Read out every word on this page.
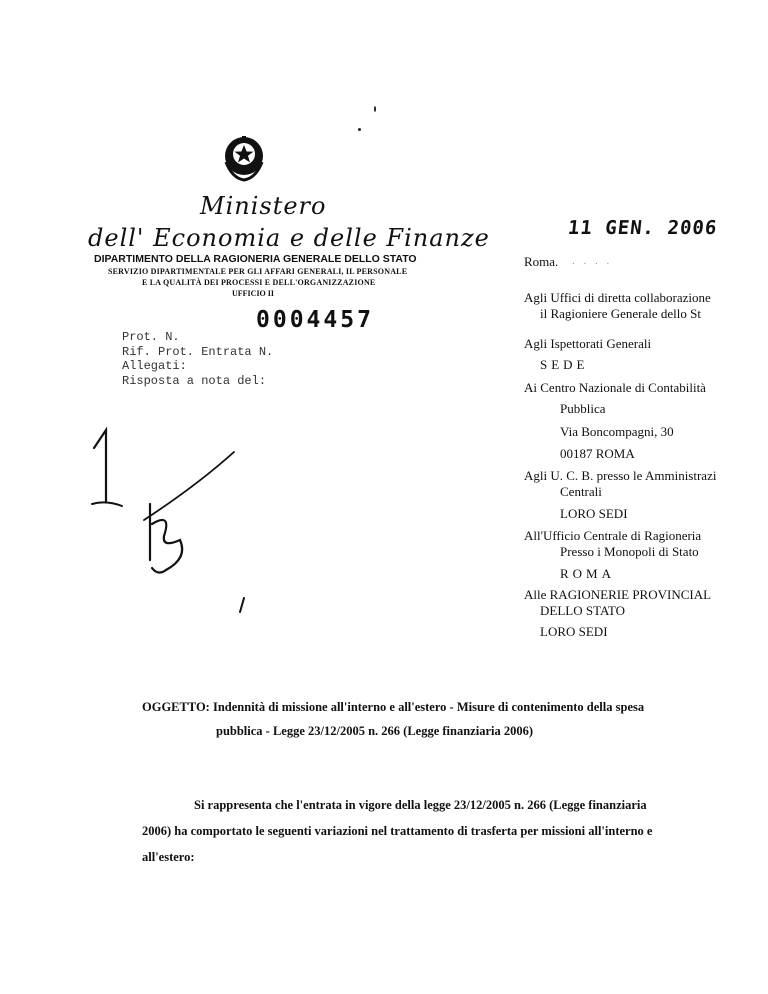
Ministero
dell' Economia e delle Finanze
DIPARTIMENTO DELLA RAGIONERIA GENERALE DELLO STATO
SERVIZIO DIPARTIMENTALE PER GLI AFFARI GENERALI, IL PERSONALE
E LA QUALITÀ DEI PROCESSI E DELL'ORGANIZZAZIONE
UFFICIO II
0004457
Prot. N.
Rif. Prot. Entrata N.
Allegati:
Risposta a nota del:
11 GEN. 2006
Roma. . . . .
Agli Uffici di diretta collaborazione
il Ragioniere Generale dello St
Agli Ispettorati Generali
SEDE
Ai Centro Nazionale di Contabilità
Pubblica
Via Boncompagni, 30
00187 ROMA
Agli U. C. B. presso le Amministrazi
Centrali
LORO SEDI
All'Ufficio Centrale di Ragioneria
Presso i Monopoli di Stato
ROMA
Alle RAGIONERIE PROVINCIAL
DELLO STATO
LORO SEDI
OGGETTO: Indennità di missione all'interno e all'estero - Misure di contenimento della spesa
pubblica - Legge 23/12/2005 n. 266 (Legge finanziaria 2006)
Si rappresenta che l'entrata in vigore della legge 23/12/2005 n. 266 (Legge finanziaria
2006) ha comportato le seguenti variazioni nel trattamento di trasferta per missioni all'interno e
all'estero:
